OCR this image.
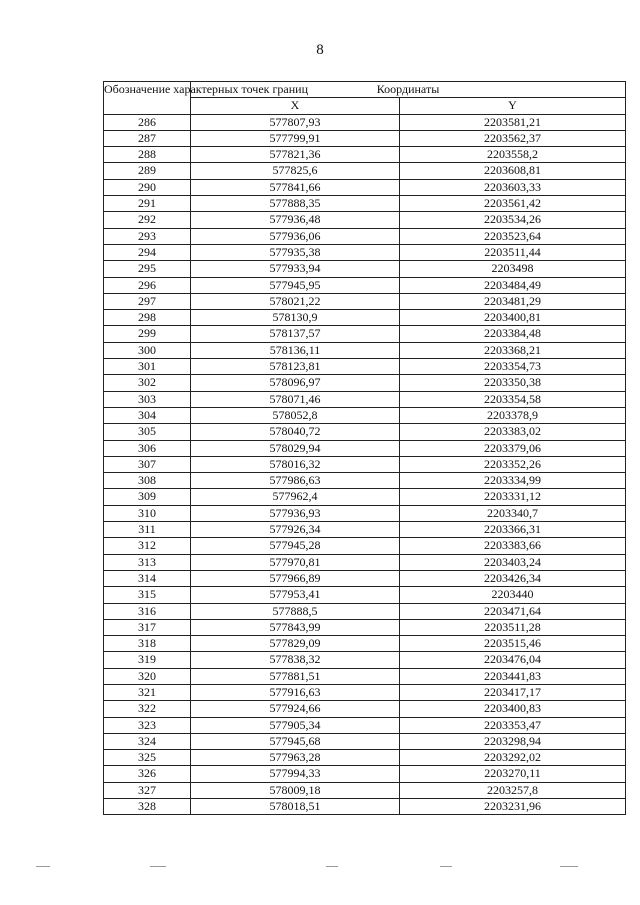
8
Обозначение характерных точек границ	Координаты	
	X	Y
286	577807,93	2203581,21
287	577799,91	2203562,37
288	577821,36	2203558,2
289	577825,6	2203608,81
290	577841,66	2203603,33
291	577888,35	2203561,42
292	577936,48	2203534,26
293	577936,06	2203523,64
294	577935,38	2203511,44
295	577933,94	2203498
296	577945,95	2203484,49
297	578021,22	2203481,29
298	578130,9	2203400,81
299	578137,57	2203384,48
300	578136,11	2203368,21
301	578123,81	2203354,73
302	578096,97	2203350,38
303	578071,46	2203354,58
304	578052,8	2203378,9
305	578040,72	2203383,02
306	578029,94	2203379,06
307	578016,32	2203352,26
308	577986,63	2203334,99
309	577962,4	2203331,12
310	577936,93	2203340,7
311	577926,34	2203366,31
312	577945,28	2203383,66
313	577970,81	2203403,24
314	577966,89	2203426,34
315	577953,41	2203440
316	577888,5	2203471,64
317	577843,99	2203511,28
318	577829,09	2203515,46
319	577838,32	2203476,04
320	577881,51	2203441,83
321	577916,63	2203417,17
322	577924,66	2203400,83
323	577905,34	2203353,47
324	577945,68	2203298,94
325	577963,28	2203292,02
326	577994,33	2203270,11
327	578009,18	2203257,8
328	578018,51	2203231,96
